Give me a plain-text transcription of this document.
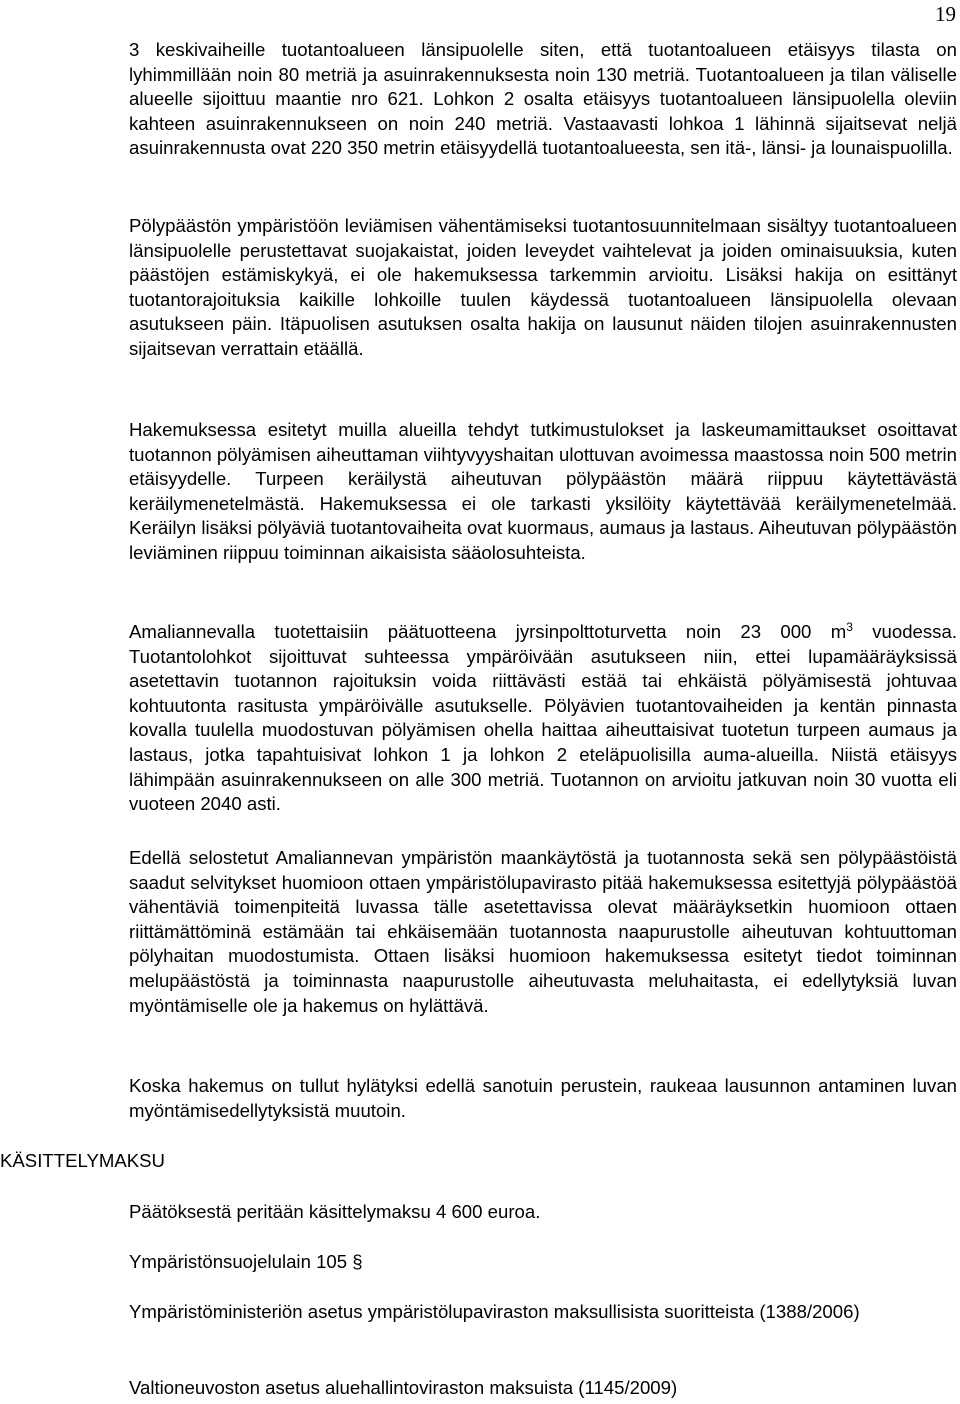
19

3 keskivaiheille tuotantoalueen länsipuolelle siten, että tuotantoalueen etäisyys tilasta on lyhimmillään noin 80 metriä ja asuinrakennuksesta noin 130 metriä. Tuotantoalueen ja tilan väliselle alueelle sijoittuu maantie nro 621. Lohkon 2 osalta etäisyys tuotantoalueen länsipuolella oleviin kahteen asuinrakennukseen on noin 240 metriä. Vastaavasti lohkoa 1 lähinnä sijaitsevat neljä asuinrakennusta ovat 220 350 metrin etäisyydellä tuotantoalueesta, sen itä-, länsi- ja lounaispuolilla.

Pölypäästön ympäristöön leviämisen vähentämiseksi tuotantosuunnitelmaan sisältyy tuotantoalueen länsipuolelle perustettavat suojakaistat, joiden leveydet vaihtelevat ja joiden ominaisuuksia, kuten päästöjen estämiskykyä, ei ole hakemuksessa tarkemmin arvioitu. Lisäksi hakija on esittänyt tuotantorajoituksia kaikille lohkoille tuulen käydessä tuotantoalueen länsipuolella olevaan asutukseen päin. Itäpuolisen asutuksen osalta hakija on lausunut näiden tilojen asuinrakennusten sijaitsevan verrattain etäällä.

Hakemuksessa esitetyt muilla alueilla tehdyt tutkimustulokset ja laskeumamittaukset osoittavat tuotannon pölyämisen aiheuttaman viihtyvyyshaitan ulottuvan avoimessa maastossa noin 500 metrin etäisyydelle. Turpeen keräilystä aiheutuvan pölypäästön määrä riippuu käytettävästä keräilymenetelmästä. Hakemuksessa ei ole tarkasti yksilöity käytettävää keräilymenetelmää. Keräilyn lisäksi pölyäviä tuotantovaiheita ovat kuormaus, aumaus ja lastaus. Aiheutuvan pölypäästön leviäminen riippuu toiminnan aikaisista sääolosuhteista.

Amaliannevalla tuotettaisiin päätuotteena jyrsinpolttoturvetta noin 23 000 $m^3$ vuodessa. Tuotantolohkot sijoittuvat suhteessa ympäröivään asutukseen niin, ettei lupamääräyksissä asetettavin tuotannon rajoituksin voida riittävästi estää tai ehkäistä pölyämisestä johtuvaa kohtuutonta rasitusta ympäröivälle asutukselle. Pölyävien tuotantovaiheiden ja kentän pinnasta kovalla tuulella muodostuvan pölyämisen ohella haittaa aiheuttaisivat tuotetun turpeen aumaus ja lastaus, jotka tapahtuisivat lohkon 1 ja lohkon 2 eteläpuolisilla auma-alueilla. Niistä etäisyys lähimpään asuinrakennukseen on alle 300 metriä. Tuotannon on arvioitu jatkuvan noin 30 vuotta eli vuoteen 2040 asti.

Edellä selostetut Amaliannevan ympäristön maankäytöstä ja tuotannosta sekä sen pölypäästöistä saadut selvitykset huomioon ottaen ympäristölupavirasto pitää hakemuksessa esitettyjä pölypäästöä vähentäviä toimenpiteitä luvassa tälle asetettavissa olevat määräyksetkin huomioon ottaen riittämättöminä estämään tai ehkäisemään tuotannosta naapurustolle aiheutuvan kohtuuttoman pölyhaitan muodostumista. Ottaen lisäksi huomioon hakemuksessa esitetyt tiedot toiminnan melupäästöstä ja toiminnasta naapurustolle aiheutuvasta meluhaitasta, ei edellytyksiä luvan myöntämiselle ole ja hakemus on hylättävä.

Koska hakemus on tullut hylätyksi edellä sanotuin perustein, raukeaa lausunnon antaminen luvan myöntämisedellytyksistä muutoin.

KÄSITTELYMAKSU

Päätöksestä peritään käsittelymaksu 4 600 euroa.

Ympäristönsuojelulain 105 §

Ympäristöministeriön asetus ympäristölupaviraston maksullisista suoritteista (1388/2006)

Valtioneuvoston asetus aluehallintoviraston maksuista (1145/2009)
